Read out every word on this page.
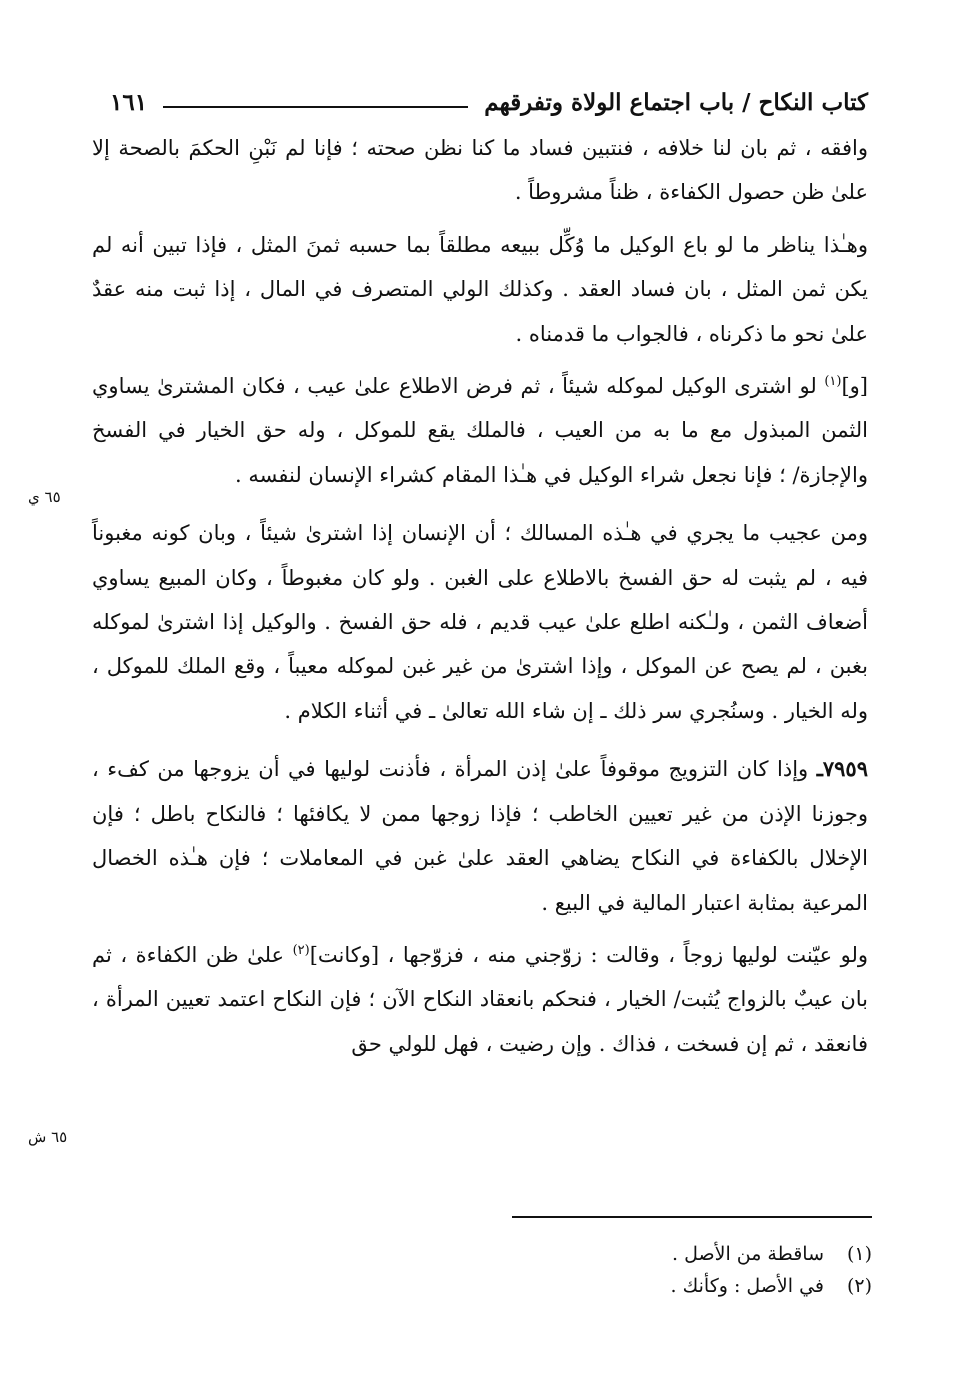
كتاب النكاح / باب اجتماع الولاة وتفرقهم
١٦١

وافقه ، ثم بان لنا خلافه ، فنتبين فساد ما كنا نظن صحته ؛ فإنا لم نَبْنِ الحكمَ بالصحة إلا علىٰ ظن حصول الكفاءة ، ظناً مشروطاً .

وهـٰذا يناظر ما لو باع الوكيل ما وُكِّل ببيعه مطلقاً بما حسبه ثمنَ المثل ، فإذا تبين أنه لم يكن ثمن المثل ، بان فساد العقد . وكذلك الولي المتصرف في المال ، إذا ثبت منه عقدٌ علىٰ نحو ما ذكرناه ، فالجواب ما قدمناه .

[و]$^{(١)}$ لو اشترى الوكيل لموكله شيئاً ، ثم فرض الاطلاع علىٰ عيب ، فكان المشترىٰ يساوي الثمن المبذول مع ما به من العيب ، فالملك يقع للموكل ، وله حق الخيار في الفسخ والإجازة/ ؛ فإنا نجعل شراء الوكيل في هـٰذا المقام كشراء الإنسان لنفسه .

ومن عجيب ما يجري في هـٰذه المسالك ؛ أن الإنسان إذا اشترىٰ شيئاً ، وبان كونه مغبوناً فيه ، لم يثبت له حق الفسخ بالاطلاع على الغبن . ولو كان مغبوطاً ، وكان المبيع يساوي أضعاف الثمن ، ولـٰكنه اطلع علىٰ عيب قديم ، فله حق الفسخ . والوكيل إذا اشترىٰ لموكله بغبن ، لم يصح عن الموكل ، وإذا اشترىٰ من غير غبن لموكله معيباً ، وقع الملك للموكل ، وله الخيار . وسنُجري سر ذلك ـ إن شاء الله تعالىٰ ـ في أثناء الكلام .

٧٩٥٩ـ وإذا كان التزويج موقوفاً علىٰ إذن المرأة ، فأذنت لوليها في أن يزوجها من كفء ، وجوزنا الإذن من غير تعيين الخاطب ؛ فإذا زوجها ممن لا يكافئها ؛ فالنكاح باطل ؛ فإن الإخلال بالكفاءة في النكاح يضاهي العقد علىٰ غبن في المعاملات ؛ فإن هـٰذه الخصال المرعية بمثابة اعتبار المالية في البيع .

ولو عيّنت لوليها زوجاً ، وقالت : زوّجني منه ، فزوّجها ، [وكانت]$^{(٢)}$ علىٰ ظن الكفاءة ، ثم بان عيبٌ بالزواج يُثبت/ الخيار ، فنحكم بانعقاد النكاح الآن ؛ فإن النكاح اعتمد تعيين المرأة ، فانعقد ، ثم إن فسخت ، فذاك . وإن رضيت ، فهل للولي حق

٦٥ ي
٦٥ ش
(١)ساقطة من الأصل .
(٢)في الأصل : وكأنك .
